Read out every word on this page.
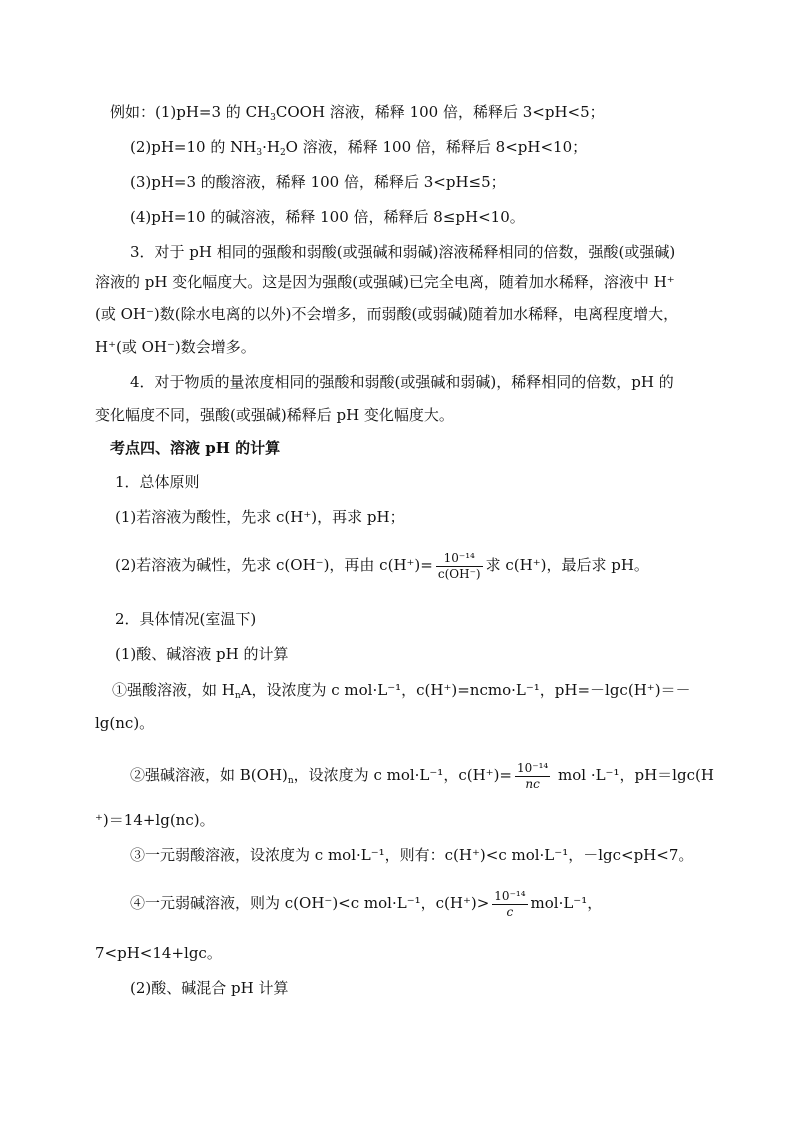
例如：(1)pH=3 的 $CH_3COOH$ 溶液，稀释 100 倍，稀释后 3<pH<5；
(2)pH=10 的 $NH_3\cdot H_2O$ 溶液，稀释 100 倍，稀释后 8<pH<10；
(3)pH=3 的酸溶液，稀释 100 倍，稀释后 3<pH≤5；
(4)pH=10 的碱溶液，稀释 100 倍，稀释后 8≤pH<10。
3．对于 pH 相同的强酸和弱酸(或强碱和弱碱)溶液稀释相同的倍数，强酸(或强碱)
溶液的 pH 变化幅度大。这是因为强酸(或强碱)已完全电离，随着加水稀释，溶液中 H⁺
(或 OH⁻)数(除水电离的以外)不会增多，而弱酸(或弱碱)随着加水稀释，电离程度增大，
H⁺(或 OH⁻)数会增多。
4．对于物质的量浓度相同的强酸和弱酸(或强碱和弱碱)，稀释相同的倍数，pH 的
变化幅度不同，强酸(或强碱)稀释后 pH 变化幅度大。
考点四、溶液 pH 的计算
1．总体原则
(1)若溶液为酸性，先求 c(H⁺)，再求 pH；
(2)若溶液为碱性，先求 c(OH⁻)，再由 $c(H^+)= \frac{\text{10⁻¹⁴}}{c(OH^-)}$ 求 c(H⁺)，最后求 pH。
2．具体情况(室温下)
(1)酸、碱溶液 pH 的计算
①强酸溶液，如 $H_nA$，设浓度为 c mol·L⁻¹，c(H⁺)=ncmo·L⁻¹，pH=－lgc(H⁺)＝－
lg(nc)。
②强碱溶液，如 $B(OH)_n$，设浓度为 c mol·L⁻¹，$c(H^+)= \frac{\text{10⁻¹⁴}}{nc}$ mol ·L⁻¹，pH＝lgc(H
⁺)＝14+lg(nc)。
③一元弱酸溶液，设浓度为 c mol·L⁻¹，则有：c(H⁺)<c mol·L⁻¹，－lgc<pH<7。
④一元弱碱溶液，则为 c(OH⁻)<c mol·L⁻¹，$c(H^+)> \frac{\text{10⁻¹⁴}}{c} mol\cdot L^{-1}$，
7<pH<14+lgc。
(2)酸、碱混合 pH 计算
